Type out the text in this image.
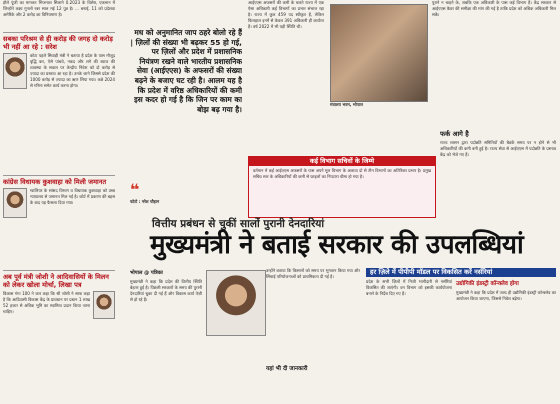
हौले पूंजी का मानकर भिजनाश सिलाने 0.2023 के विशेष, एकमान में जिन्होंने लक्ष्य गुनलों रबर साल मई 12 पुत्र है। ... बनाई, 11 को प्रदेशवा अमेरिके और 2 करोड़ का विनियमाण है।
सबका परिश्रम से ही करोड़ की जगह दो करोड़ भी नहीं आ रहे : सरेश
कोटा पहले सिवाही मंत्री ने बताया है प्रदेश के पास मौजूद वृद्धि कर, ऐसे पांचवे, नकद और लगे की ब्याज की व्यवस्था के सवाल पर केन्द्रीय निवेश को दो करोड़ से ज़्यादा का प्रस्ताव आ रहा है। उनके जाने जिससे प्रदेश की 1000 करोड़ से ज़्यादा का ऋण लिया गया। कन्ने 2024 से गरिमा समेत कार्य करना होगा।
कांग्रेस विधायक कुशवाहा को मिली जमानत
ग्वालियर के सांसद विभाग व विधायक कुशवाहा को उच्च न्यायालय से जमानत मिल गई है। कोर्ट में प्रकरण की बहस के बाद यह फैसला दिया गया।
अब पूर्व मंत्री जोशी ने आदिवासियों के मिलन को लेकर खोला मोर्चा, लिखा पत्र
विकास गंगा 100 ने जल कहा कि श्री जोशी ने साफ कहा है कि आदिवासी विकास केंद्र के प्रावधान पर प्रधान 1 लाख 52 हजार से अधिक भूमि का स्वामित्व प्रदान किया जाना चाहिए।
मध को अनुमानित जाप ठहरे बोलो रहे हैं | ज़िलों की संख्या भी बढ़कर 55 हो गई, पर ज़िलों और प्रदेश में प्रशासनिक नियंत्रण रखने वाले भारतीय प्रशासनिक सेवा (आईएएस) के अफसरों की संख्या बढ़ने के बजाए घट रही है। आलम यह है कि प्रदेश में वरिष्ठ अधिकारियों की कमी इस कदर हो गई है कि जिन पर काम का बोझ बढ़ गया है।
आईएएस अफसरों की कमी के चलते राज्य में एक ऐसा अधिकारी कई विभागों का प्रभार संभाल रहा है। राज्य में कुल 459 पद स्वीकृत हैं, लेकिन फिलहाल इनमें से केवल 391 अधिकारी ही कार्यरत हैं। वर्ष 2022 में भी यही स्थिति थी।
मंत्रालय भवन, भोपाल
पुराने न चाहने के, जबकि एक अधिकारी के पास कई विभाग हैं। केंद्र सरकार से आईएएस कैडर की समीक्षा की मांग की गई है ताकि प्रदेश को अधिक अधिकारी मिल सकें।
कई विभाग सचिवों के जिम्मे
वर्तमान में कई आईएएस अफसरों के पास अपने मूल विभाग के अलावा दो से तीन विभागों का अतिरिक्त प्रभार है। प्रमुख सचिव स्तर के अधिकारियों की कमी से फाइलों का निपटारा धीमा हो गया है।
फर्क आगे है
राज्य शासन द्वारा पदोन्नति समितियों की बैठकें समय पर न होने से भी अधिकारियों की कमी बनी हुई है। राज्य सेवा से आईएएस में पदोन्नति के प्रस्ताव केंद्र को भेजे गए हैं।
❝
फोटो : नरेश चौहान
वित्तीय प्रबंधन से चुकीं सालों पुरानी देनदारियां
मुख्यमंत्री ने बताई सरकार की उपलब्धियां
भोपाल @ पत्रिका
मुख्यमंत्री ने कहा कि प्रदेश की वित्तीय स्थिति बेहतर हुई है। पिछली सरकारों के समय की पुरानी देनदारियां चुका दी गई हैं और विकास कार्य तेज़ी से हो रहे हैं।
उन्होंने बताया कि किसानों को समय पर भुगतान किया गया और सिंचाई परियोजनाओं को प्राथमिकता दी गई है।
यहां भी दी जानकारी
हर ज़िले में पीपीपी मॉडल पर विकसित करें नर्सरियां
प्रदेश के सभी ज़िलों में निजी भागीदारी से नर्सरियां विकसित की जाएंगी। वन विभाग को इसकी कार्ययोजना बनाने के निर्देश दिए गए हैं।
उद्योगिकी इंडस्ट्री कॉन्क्लेव होगा
मुख्यमंत्री ने कहा कि प्रदेश में जल्द ही उद्योगिकी इंडस्ट्री कॉन्क्लेव का आयोजन किया जाएगा, जिससे निवेश बढ़ेगा।
